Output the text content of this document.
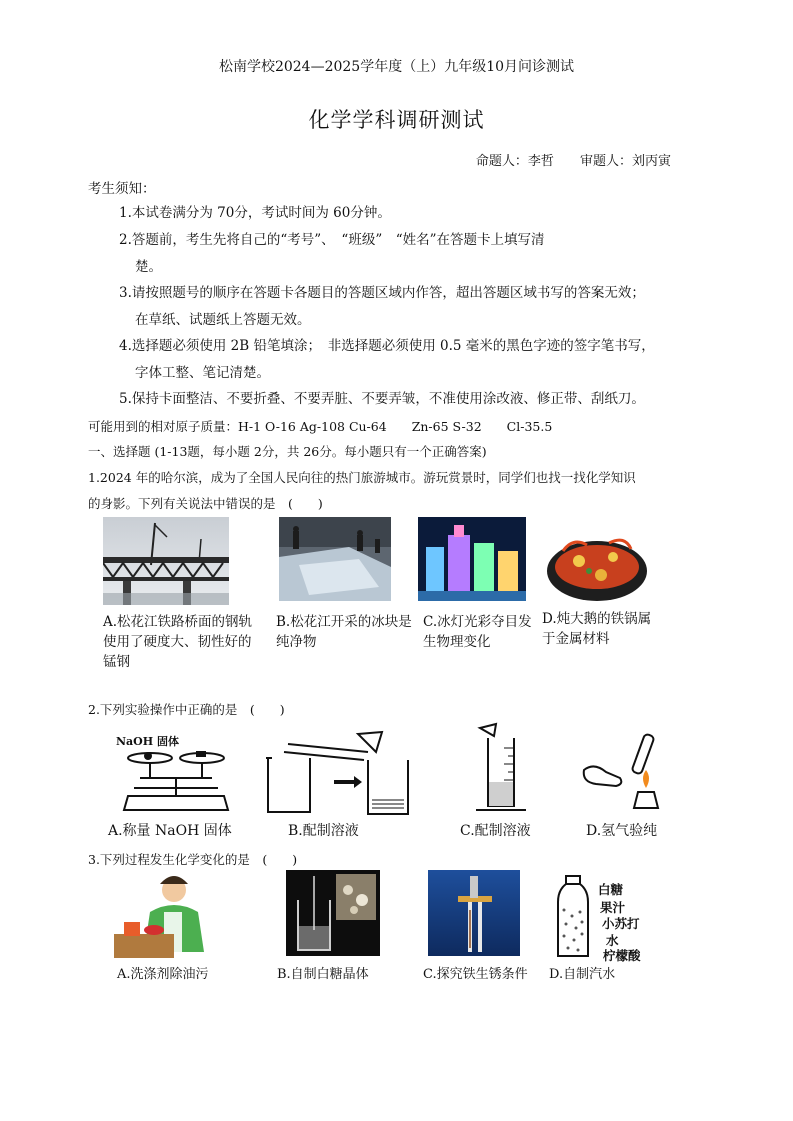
松南学校2024—2025学年度（上）九年级10月问诊测试
化学学科调研测试
命题人：李哲 审题人：刘丙寅
考生须知：
1.本试卷满分为 70分，考试时间为 60分钟。
2.答题前，考生先将自己的“考号”、　“班级”　“姓名”在答题卡上填写清
楚。
3.请按照题号的顺序在答题卡各题目的答题区域内作答，超出答题区域书写的答案无效；
在草纸、试题纸上答题无效。
4.选择题必须使用 2B 铅笔填涂；　非选择题必须使用 0.5 毫米的黑色字迹的签字笔书写，
字体工整、笔记清楚。
5.保持卡面整洁、不要折叠、不要弄脏、不要弄皱，不准使用涂改液、修正带、刮纸刀。
可能用到的相对原子质量：H-1 O-16 Ag-108 Cu-64　　Zn-65 S-32　　Cl-35.5
一、选择题 (1-13题，每小题 2分，共 26分。每小题只有一个正确答案)
1.2024 年的哈尔滨，成为了全国人民向往的热门旅游城市。游玩赏景时，同学们也找一找化学知识
的身影。下列有关说法中错误的是　(　　)
A.松花江铁路桥面的钢轨使用了硬度大、韧性好的锰钢
B.松花江开采的冰块是纯净物
C.冰灯光彩夺目发生物理变化
D.炖大鹅的铁锅属于金属材料
2.下列实验操作中正确的是　(　　)
NaOH 固体
A.称量 NaOH 固体	B.配制溶液	C.配制溶液	D.氢气验纯
3.下列过程发生化学变化的是　(　　)
A.洗涤剂除油污	B.自制白糖晶体	C.探究铁生锈条件
白糖
果汁
小苏打
水
柠檬酸
D.自制汽水
